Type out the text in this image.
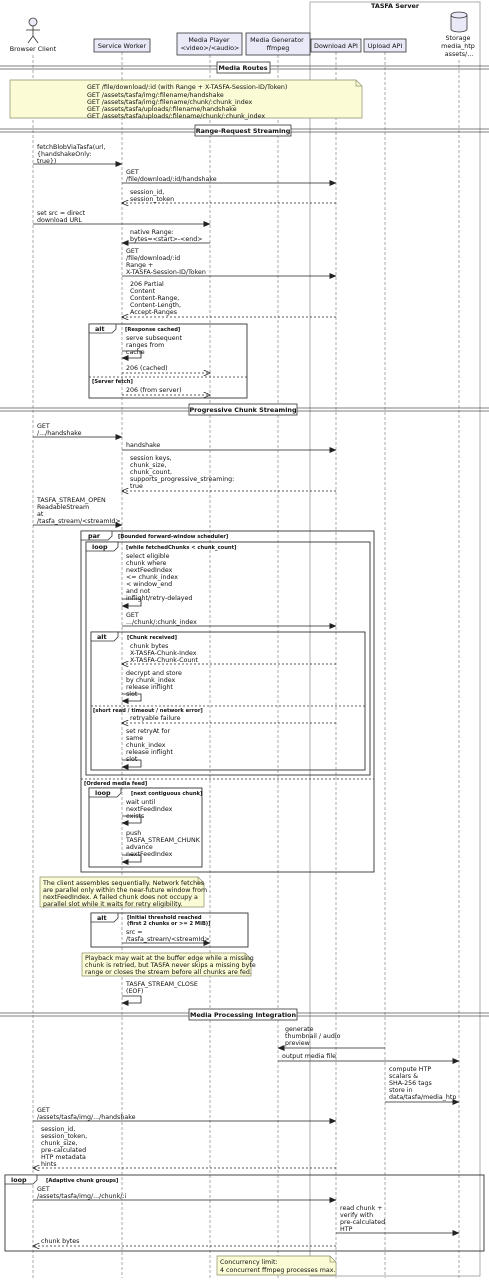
TASFA Server
Browser Client	Service Worker
Media Player <video>/<audio>
Media Generator ffmpeg	Download API Upload API
Storage media_htp assets/...
Media Routes
GET /file/download/:id (with Range + X-TASFA-Session-ID/Token) GET /assets/tasfa/img/:filename/handshake GET /assets/tasfa/img/:filename/chunk/:chunk_index GET /assets/tasfa/uploads/:filename/handshake GET /assets/tasfa/uploads/:filename/chunk/:chunk_index
Range-Request Streaming
fetchBlobViaTasfa(url, {handshakeOnly: true})
GET /file/download/:id/handshake
session_id, session_token
set src = direct download URL
native Range: bytes=<start>-<end>
GET /file/download/:id Range + X-TASFA-Session-ID/Token
206 Partial Content Content-Range, Content-Length, Accept-Ranges
alt	[Response cached]
serve subsequent ranges from cache
206 (cached)
[Server fetch]
206 (from server)
Progressive Chunk Streaming
GET /.../handshake
handshake
session keys, chunk_size, chunk_count, supports_progressive_streaming: true
TASFA_STREAM_OPEN ReadableStream at /tasfa_stream/<streamId>
par	[Bounded forward-window scheduler]
loop	[while fetchedChunks < chunk_count]
select eligible chunk where nextFeedIndex <= chunk_index < window_end and not inflight/retry-delayed
GET .../chunk/:chunk_index
alt	[Chunk received]
chunk bytes X-TASFA-Chunk-Index X-TASFA-Chunk-Count
decrypt and store by chunk_index release inflight slot
[short read / timeout / network error]
retryable failure
set retryAt for same chunk_index release inflight slot
[Ordered media feed]
loop	[next contiguous chunk]
wait until nextFeedIndex exists
push TASFA_STREAM_CHUNK advance nextFeedIndex
The client assembles sequentially. Network fetches are parallel only within the near-future window from nextFeedIndex. A failed chunk does not occupy a parallel slot while it waits for retry eligibility.
alt	[Initial threshold reached (first 2 chunks or >= 2 MiB)]
src = /tasfa_stream/<streamId>
Playback may wait at the buffer edge while a missing chunk is retried, but TASFA never skips a missing byte range or closes the stream before all chunks are fed.
TASFA_STREAM_CLOSE (EOF)
Media Processing Integration
generate thumbnail / audio preview
output media file
compute HTP scalars & SHA-256 tags store in data/tasfa/media_htp
GET /assets/tasfa/img/.../handshake
session_id, session_token, chunk_size, pre-calculated HTP metadata hints
loop	[Adaptive chunk groups]
GET /assets/tasfa/img/.../chunk/:i
read chunk + verify with pre-calculated HTP
chunk bytes
Concurrency limit: 4 concurrent ffmpeg processes max.
